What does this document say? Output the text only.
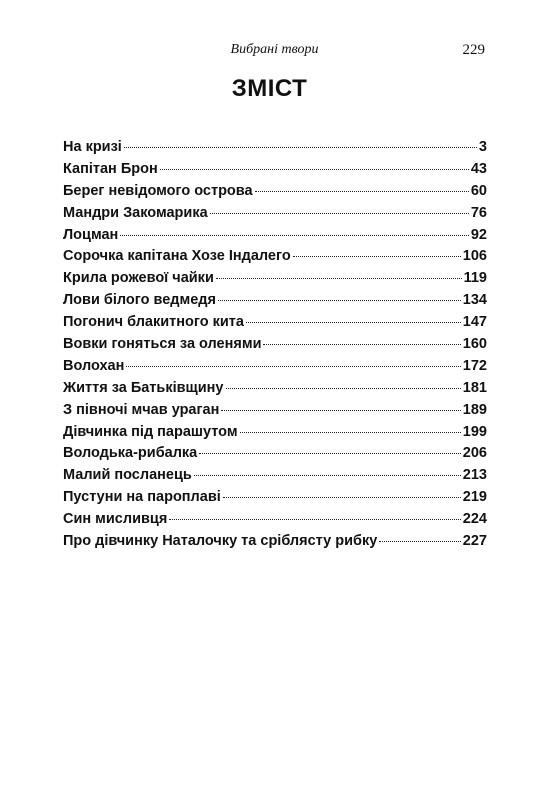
Вибрані твори	229
ЗМІСТ
На кризі	3
Капітан Брон	43
Берег невідомого острова	60
Мандри Закомарика	76
Лоцман	92
Сорочка капітана Хозе Індалего	106
Крила рожевої чайки	119
Лови білого ведмедя	134
Погонич блакитного кита	147
Вовки гоняться за оленями	160
Волохан	172
Життя за Батьківщину	181
З півночі мчав ураган	189
Дівчинка під парашутом	199
Володька-рибалка	206
Малий посланець	213
Пустуни на пароплаві	219
Син мисливця	224
Про дівчинку Наталочку та сріблясту рибку	227
